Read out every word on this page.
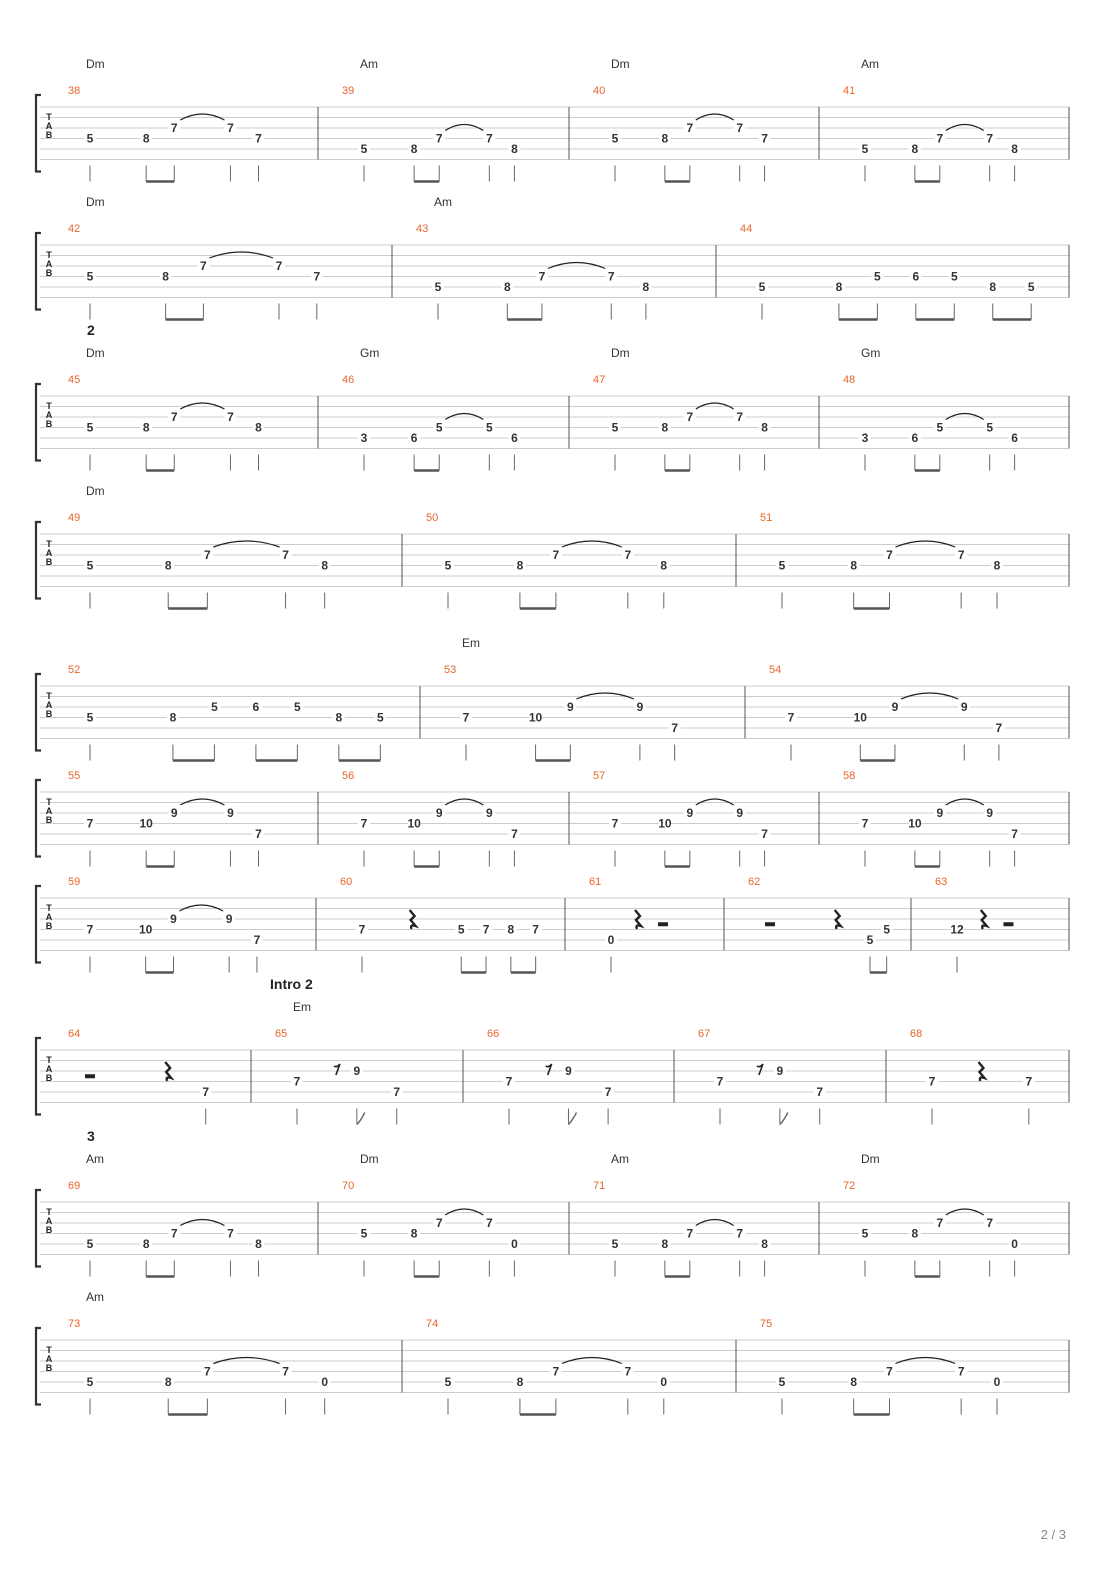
T
A
B
38
Dm
5	8
7	7
7
39
Am
5	8
7	7
8
40
Dm
5	8
7	7
7
41
Am
5	8
7	7
8
T
A
B
42
Dm
5	8
7	7
7
43
Am
5	8
7	7
8
44
5	8
5	6	5
8	5
T
A
B
2
45
Dm
5	8
7	7
8
46
Gm
3	6
5	5
6
47
Dm
5	8
7	7
8
48
Gm
3	6
5	5
6
T
A
B
49
Dm
5	8
7	7
8
50
5	8
7	7
8
51
5	8
7	7
8
T
A
B
52
5	8
5	6	5
8	5
53
Em
7	10
9	9
7
54
7	10
9	9
7
T
A
B
55
7	10
9	9
7
56
7	10
9	9
7
57
7	10
9	9
7
58
7	10
9	9
7
T
A
B
59
7	10
9	9
7
60
7	5 7 8 7
61
0
62
5
5
63
12
T
A
B
Intro 2
64
7
65
Em
7
9
7
66
7
9
7
67
7
9
7
68
7	7
T
A
B
3
69
Am
5	8
7	7
8
70
Dm
5	8
7	7
0
71
Am
5	8
7	7
8
72
Dm
5	8
7	7
0
T
A
B
73
Am
5	8
7	7
0
74
5	8
7	7
0
75
5	8
7	7
0
2 / 3
